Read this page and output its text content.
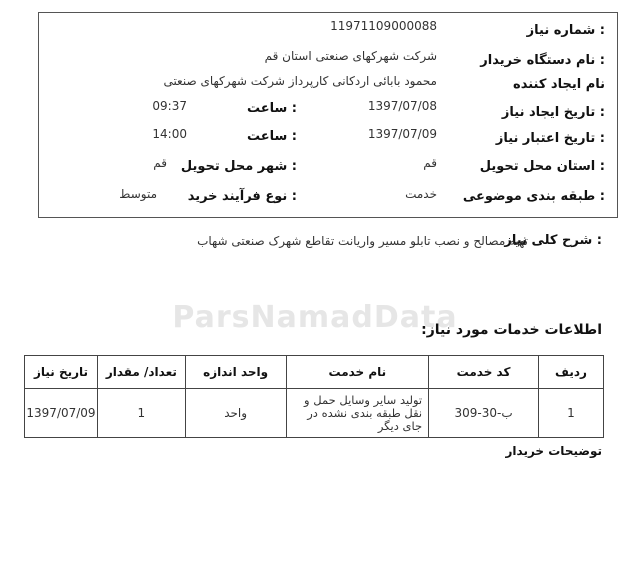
ParsNamadData
شماره نیاز :
11971109000088
نام دستگاه خریدار :
شرکت شهرکهای صنعتی استان قم
نام ایجاد کننده
محمود بابائی اردکانی کارپرداز شرکت شهرکهای صنعتی
تاریخ ایجاد نیاز :
1397/07/08
ساعت :
09:37
تاریخ اعتبار نیاز :
1397/07/09
ساعت :
14:00
استان محل تحویل :
قم
شهر محل تحویل :
قم
طبقه بندی موضوعی :
خدمت
نوع فرآیند خرید :
متوسط
شرح کلی نیاز :
تهیه مصالح و نصب تابلو مسیر واریانت تقاطع شهرک صنعتی شهاب
اطلاعات خدمات مورد نیاز:
ردیف	کد خدمت	نام خدمت	واحد اندازه	تعداد/ مقدار	تاریخ نیاز
1	ب-30-309	تولید سایر وسایل حمل و نقل طبقه بندی نشده در جای دیگر	واحد	1	1397/07/09
توضیحات خریدار
